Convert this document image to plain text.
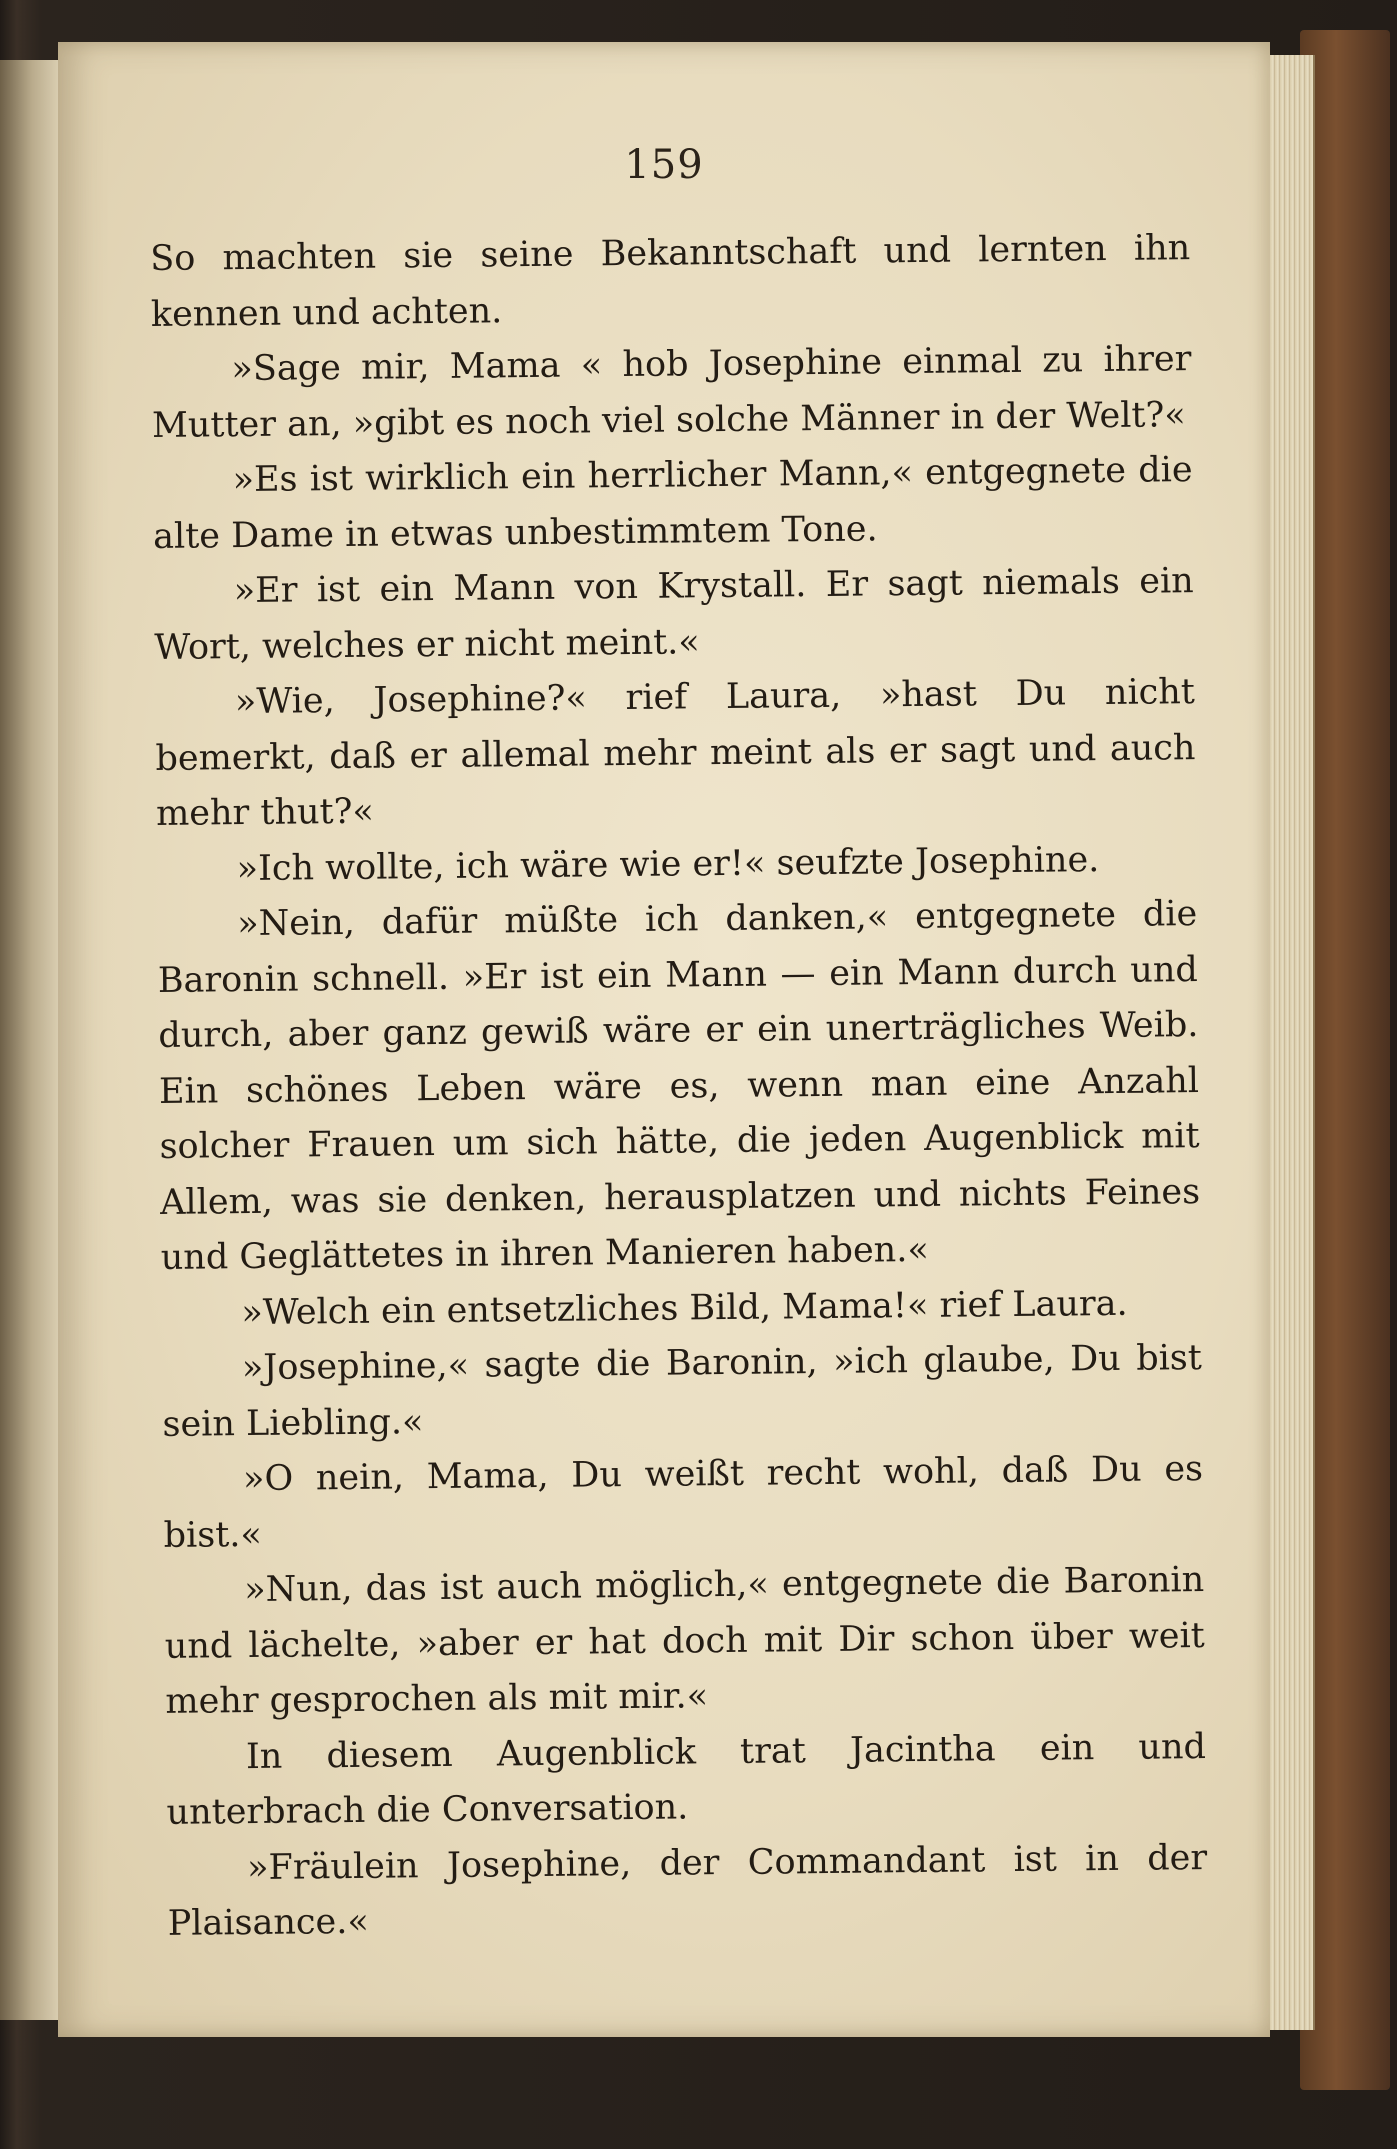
159

So machten sie seine Bekanntschaft und lernten ihn kennen und achten.

»Sage mir, Mama « hob Josephine einmal zu ihrer Mutter an, »gibt es noch viel solche Männer in der Welt?«

»Es ist wirklich ein herrlicher Mann,« entgegnete die alte Dame in etwas unbestimmtem Tone.

»Er ist ein Mann von Krystall. Er sagt niemals ein Wort, welches er nicht meint.«

»Wie, Josephine?« rief Laura, »hast Du nicht bemerkt, daß er allemal mehr meint als er sagt und auch mehr thut?«

»Ich wollte, ich wäre wie er!« seufzte Josephine.

»Nein, dafür müßte ich danken,« entgegnete die Baronin schnell. »Er ist ein Mann — ein Mann durch und durch, aber ganz gewiß wäre er ein unerträgliches Weib. Ein schönes Leben wäre es, wenn man eine Anzahl solcher Frauen um sich hätte, die jeden Augenblick mit Allem, was sie denken, herausplatzen und nichts Feines und Geglättetes in ihren Manieren haben.«

»Welch ein entsetzliches Bild, Mama!« rief Laura.

»Josephine,« sagte die Baronin, »ich glaube, Du bist sein Liebling.«

»O nein, Mama, Du weißt recht wohl, daß Du es bist.«

»Nun, das ist auch möglich,« entgegnete die Baronin und lächelte, »aber er hat doch mit Dir schon über weit mehr gesprochen als mit mir.«

In diesem Augenblick trat Jacintha ein und unterbrach die Conversation.

»Fräulein Josephine, der Commandant ist in der Plaisance.«
